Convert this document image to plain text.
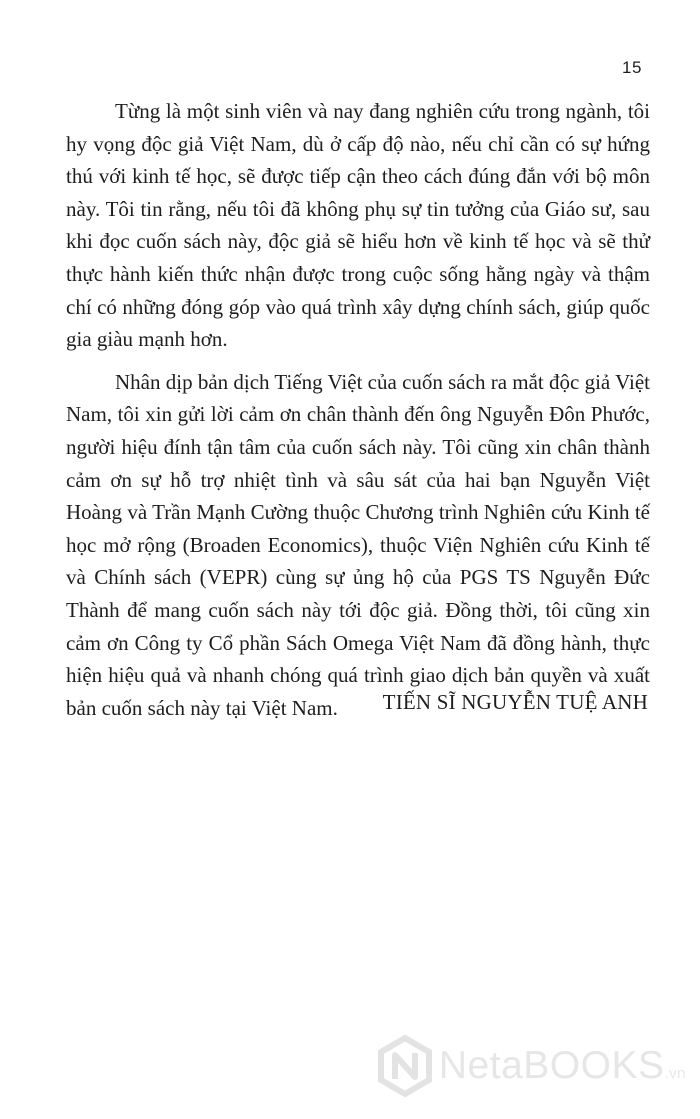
15

Từng là một sinh viên và nay đang nghiên cứu trong ngành, tôi hy vọng độc giả Việt Nam, dù ở cấp độ nào, nếu chỉ cần có sự hứng thú với kinh tế học, sẽ được tiếp cận theo cách đúng đắn với bộ môn này. Tôi tin rằng, nếu tôi đã không phụ sự tin tưởng của Giáo sư, sau khi đọc cuốn sách này, độc giả sẽ hiểu hơn về kinh tế học và sẽ thử thực hành kiến thức nhận được trong cuộc sống hằng ngày và thậm chí có những đóng góp vào quá trình xây dựng chính sách, giúp quốc gia giàu mạnh hơn.

Nhân dịp bản dịch Tiếng Việt của cuốn sách ra mắt độc giả Việt Nam, tôi xin gửi lời cảm ơn chân thành đến ông Nguyễn Đôn Phước, người hiệu đính tận tâm của cuốn sách này. Tôi cũng xin chân thành cảm ơn sự hỗ trợ nhiệt tình và sâu sát của hai bạn Nguyễn Việt Hoàng và Trần Mạnh Cường thuộc Chương trình Nghiên cứu Kinh tế học mở rộng (Broaden Economics), thuộc Viện Nghiên cứu Kinh tế và Chính sách (VEPR) cùng sự ủng hộ của PGS TS Nguyễn Đức Thành để mang cuốn sách này tới độc giả. Đồng thời, tôi cũng xin cảm ơn Công ty Cổ phần Sách Omega Việt Nam đã đồng hành, thực hiện hiệu quả và nhanh chóng quá trình giao dịch bản quyền và xuất bản cuốn sách này tại Việt Nam.	TIẾN SĨ NGUYỄN TUỆ ANH
NetaBOOKS.vn
